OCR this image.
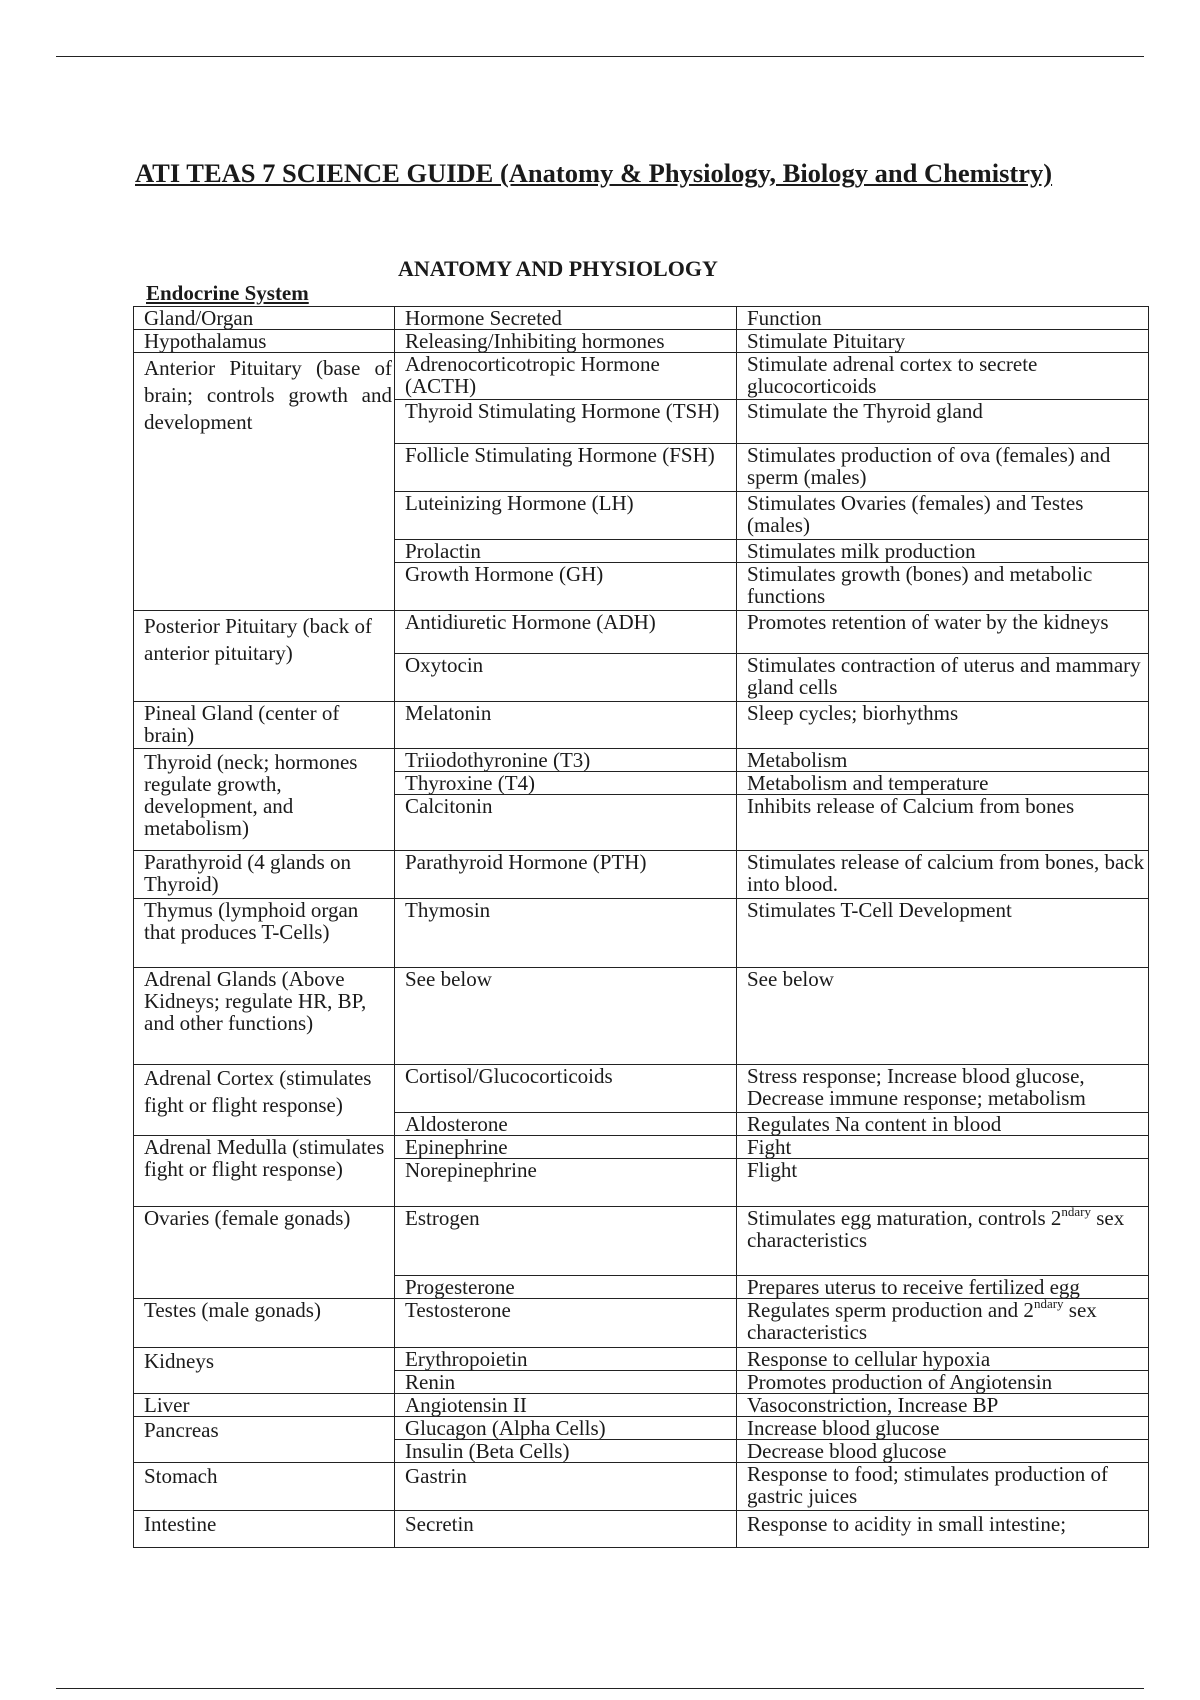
ATI TEAS 7 SCIENCE GUIDE (Anatomy & Physiology, Biology and Chemistry)
ANATOMY AND PHYSIOLOGY
Endocrine System
Gland/Organ	Hormone Secreted	Function
Hypothalamus	Releasing/Inhibiting hormones	Stimulate Pituitary
Anterior Pituitary (base of brain; controls growth and development	Adrenocorticotropic Hormone (ACTH)	Stimulate adrenal cortex to secrete glucocorticoids
	Thyroid Stimulating Hormone (TSH)	Stimulate the Thyroid gland
	Follicle Stimulating Hormone (FSH)	Stimulates production of ova (females) and sperm (males)
	Luteinizing Hormone (LH)	Stimulates Ovaries (females) and Testes (males)
	Prolactin	Stimulates milk production
	Growth Hormone (GH)	Stimulates growth (bones) and metabolic functions
Posterior Pituitary (back of anterior pituitary)	Antidiuretic Hormone (ADH)	Promotes retention of water by the kidneys
	Oxytocin	Stimulates contraction of uterus and mammary gland cells
Pineal Gland (center of brain)	Melatonin	Sleep cycles; biorhythms
Thyroid (neck; hormones regulate growth, development, and metabolism)	Triiodothyronine (T3)	Metabolism
	Thyroxine (T4)	Metabolism and temperature
	Calcitonin	Inhibits release of Calcium from bones
Parathyroid (4 glands on Thyroid)	Parathyroid Hormone (PTH)	Stimulates release of calcium from bones, back into blood.
Thymus (lymphoid organ that produces T-Cells)	Thymosin	Stimulates T-Cell Development
Adrenal Glands (Above Kidneys; regulate HR, BP, and other functions)	See below	See below
Adrenal Cortex (stimulates fight or flight response)	Cortisol/Glucocorticoids	Stress response; Increase blood glucose, Decrease immune response; metabolism
	Aldosterone	Regulates Na content in blood
Adrenal Medulla (stimulates fight or flight response)	Epinephrine	Fight
	Norepinephrine	Flight
Ovaries (female gonads)	Estrogen	Stimulates egg maturation, controls $2^{ndary}$ sex characteristics
	Progesterone	Prepares uterus to receive fertilized egg
Testes (male gonads)	Testosterone	Regulates sperm production and $2^{ndary}$ sex characteristics
Kidneys	Erythropoietin	Response to cellular hypoxia
	Renin	Promotes production of Angiotensin
Liver	Angiotensin II	Vasoconstriction, Increase BP
Pancreas	Glucagon (Alpha Cells)	Increase blood glucose
	Insulin (Beta Cells)	Decrease blood glucose
Stomach	Gastrin	Response to food; stimulates production of gastric juices
Intestine	Secretin	Response to acidity in small intestine;
